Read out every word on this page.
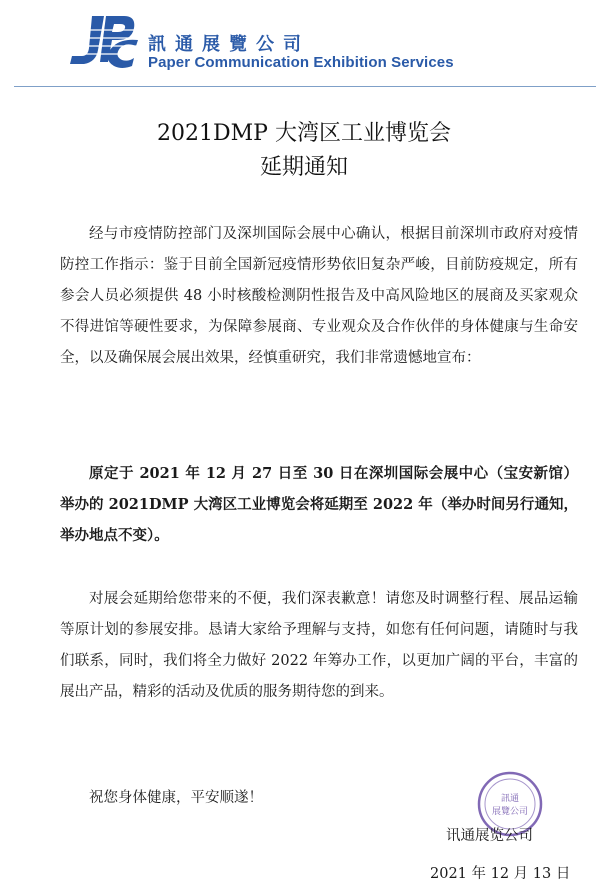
訊通展覽公司
Paper Communication Exhibition Services
2021DMP 大湾区工业博览会
延期通知
经与市疫情防控部门及深圳国际会展中心确认，根据目前深圳市政府对疫情防控工作指示：鉴于目前全国新冠疫情形势依旧复杂严峻，目前防疫规定，所有参会人员必须提供 48 小时核酸检测阴性报告及中高风险地区的展商及买家观众不得进馆等硬性要求，为保障参展商、专业观众及合作伙伴的身体健康与生命安全，以及确保展会展出效果，经慎重研究，我们非常遗憾地宣布：
原定于 2021 年 12 月 27 日至 30 日在深圳国际会展中心（宝安新馆）举办的 2021DMP 大湾区工业博览会将延期至 2022 年（举办时间另行通知，举办地点不变）。
对展会延期给您带来的不便，我们深表歉意！请您及时调整行程、展品运输等原计划的参展安排。恳请大家给予理解与支持，如您有任何问题，请随时与我们联系，同时，我们将全力做好 2022 年筹办工作，以更加广阔的平台，丰富的展出产品，精彩的活动及优质的服务期待您的到来。
祝您身体健康，平安顺遂！	訊通
展覽公司
讯通展览公司
2021 年 12 月 13 日
